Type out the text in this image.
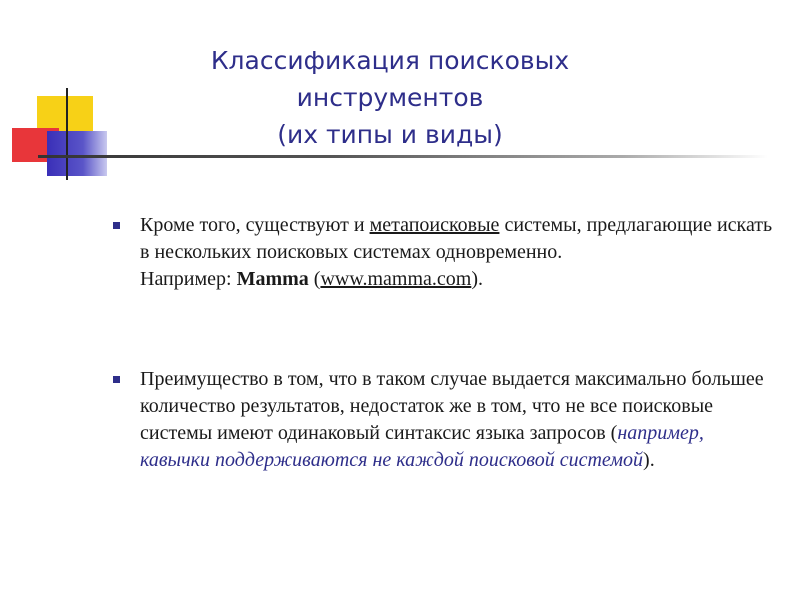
Классификация поисковых
инструментов
(их типы и виды)
Кроме того, существуют и метапоисковые системы, предлагающие искать в нескольких поисковых системах одновременно.
Например: Mamma (www.mamma.com).
Преимущество в том, что в таком случае выдается максимально большее количество результатов, недостаток же в том, что не все поисковые системы имеют одинаковый синтаксис языка запросов (например, кавычки поддерживаются не каждой поисковой системой).
